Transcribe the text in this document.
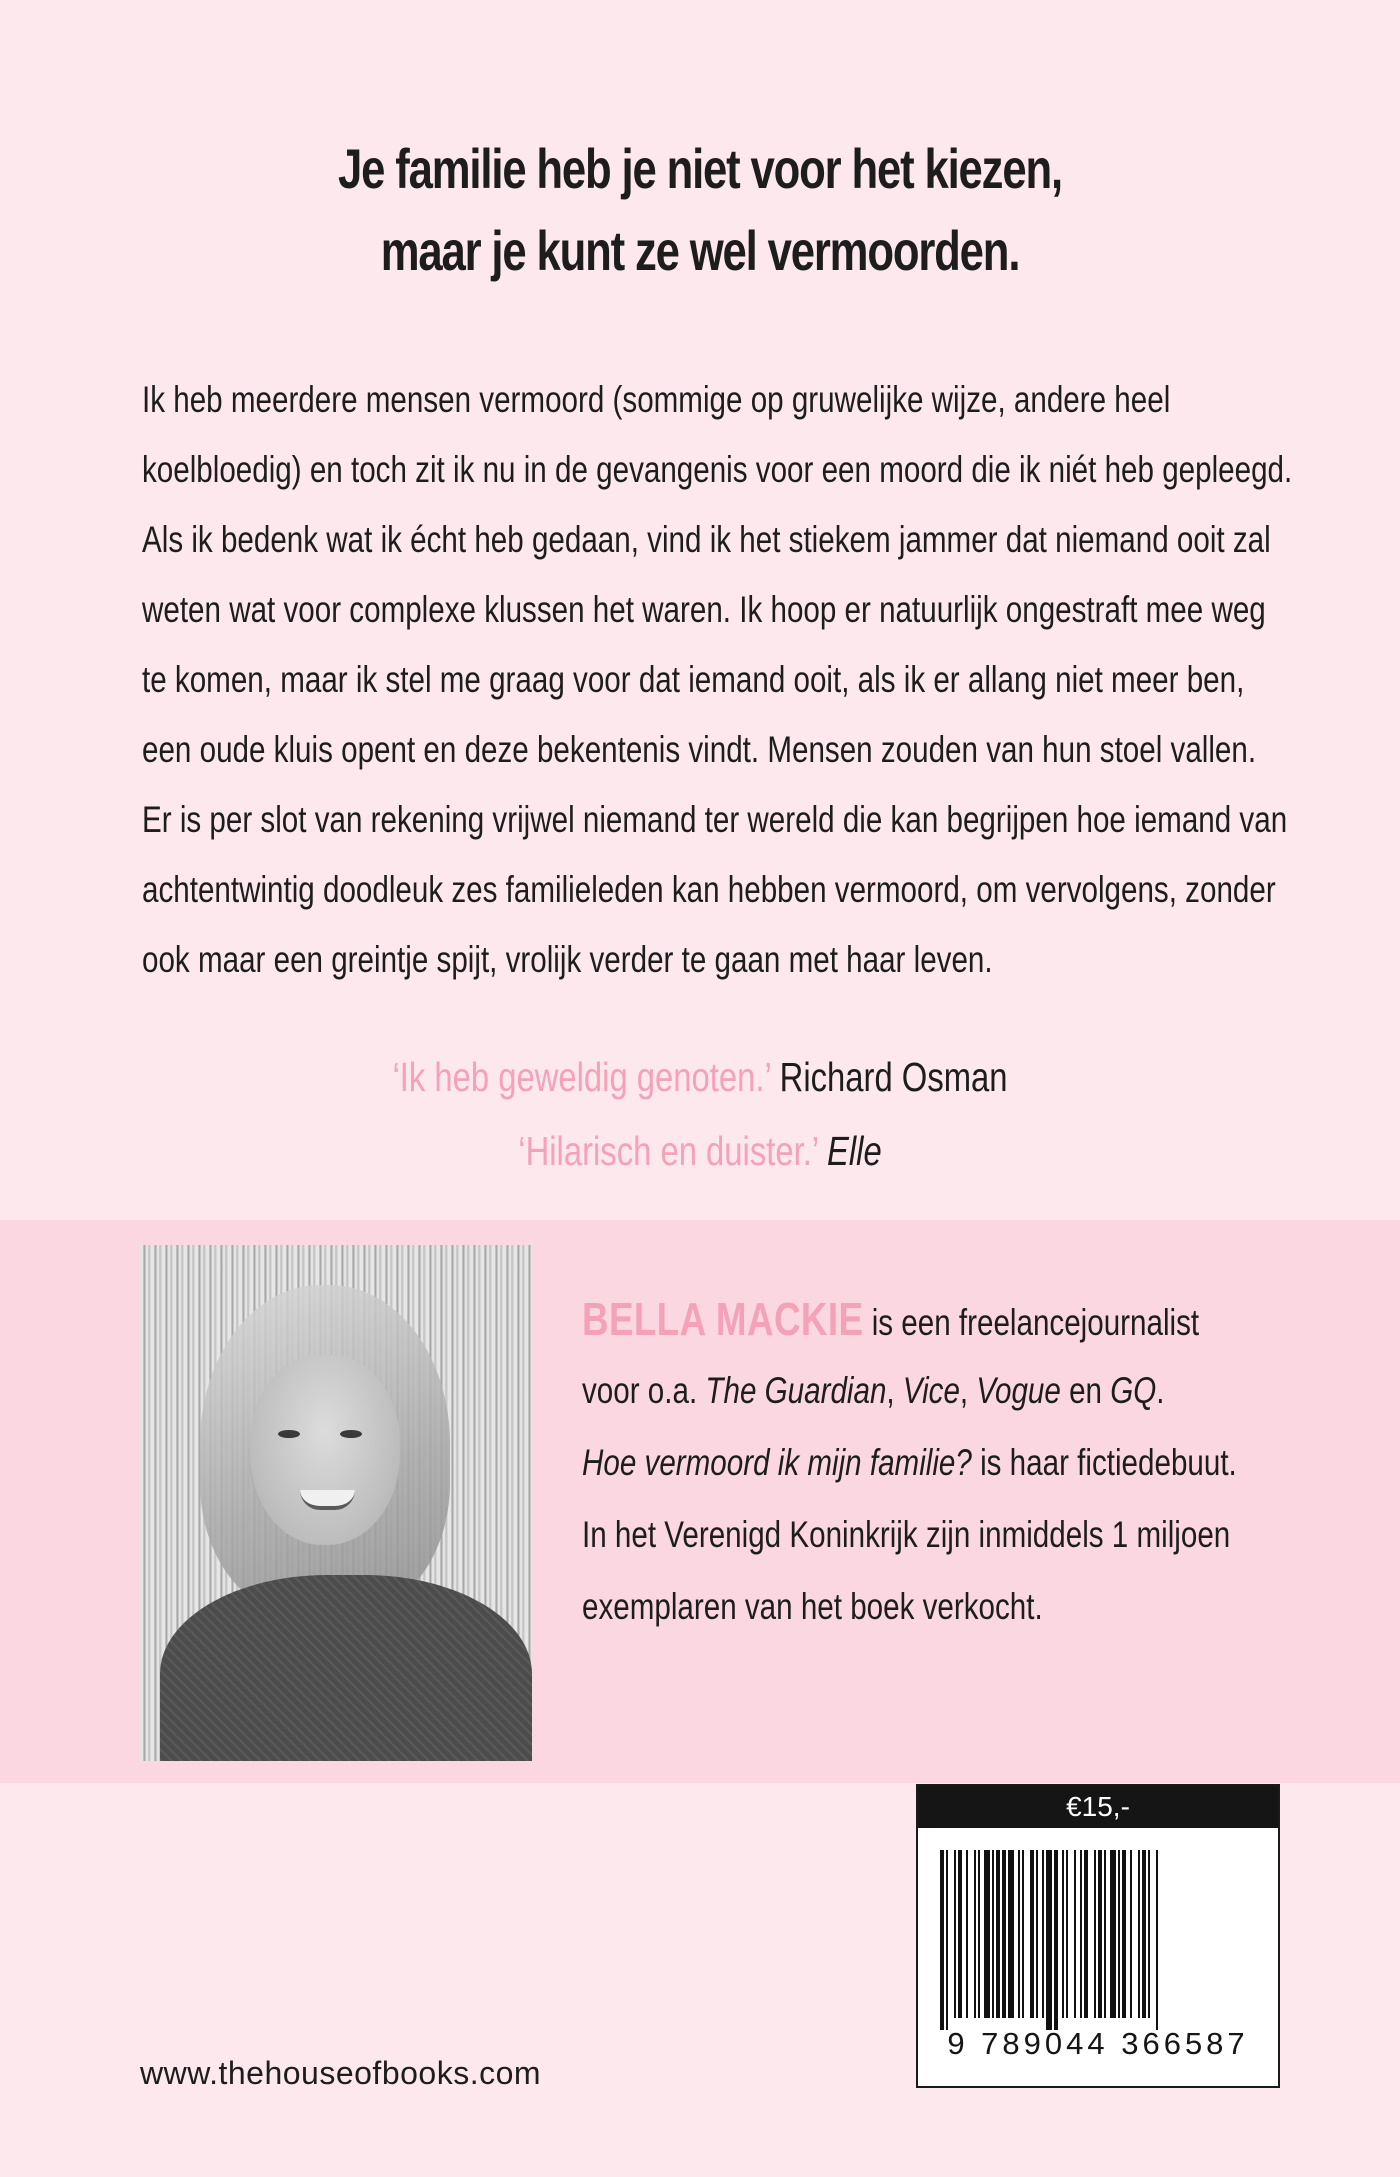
Je familie heb je niet voor het kiezen,
maar je kunt ze wel vermoorden.
Ik heb meerdere mensen vermoord (sommige op gruwelijke wijze, andere heel
koelbloedig) en toch zit ik nu in de gevangenis voor een moord die ik niét heb gepleegd.
Als ik bedenk wat ik écht heb gedaan, vind ik het stiekem jammer dat niemand ooit zal
weten wat voor complexe klussen het waren. Ik hoop er natuurlijk ongestraft mee weg
te komen, maar ik stel me graag voor dat iemand ooit, als ik er allang niet meer ben,
een oude kluis opent en deze bekentenis vindt. Mensen zouden van hun stoel vallen.
Er is per slot van rekening vrijwel niemand ter wereld die kan begrijpen hoe iemand van
achtentwintig doodleuk zes familieleden kan hebben vermoord, om vervolgens, zonder
ook maar een greintje spijt, vrolijk verder te gaan met haar leven.
‘Ik heb geweldig genoten.’ Richard Osman
‘Hilarisch en duister.’ Elle
BELLA MACKIE is een freelancejournalist
voor o.a. The Guardian, Vice, Vogue en GQ.
Hoe vermoord ik mijn familie? is haar fictiedebuut.
In het Verenigd Koninkrijk zijn inmiddels 1 miljoen
exemplaren van het boek verkocht.
€15,-
9 789044 366587
www.thehouseofbooks.com
